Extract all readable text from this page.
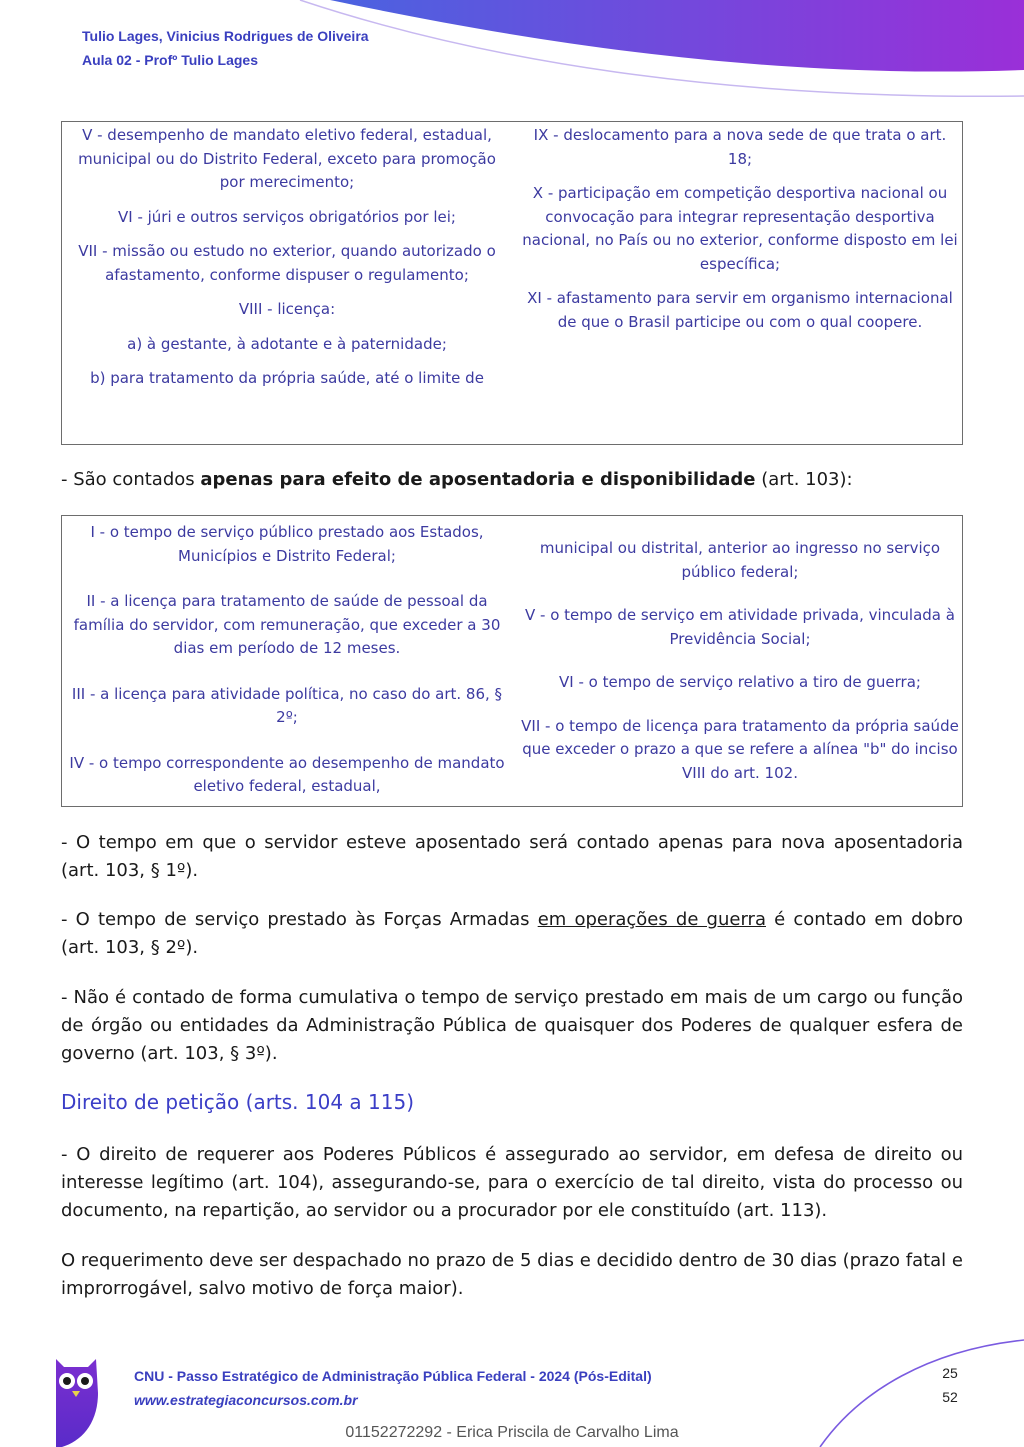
Tulio Lages, Vinicius Rodrigues de Oliveira
Aula 02 - Profº Tulio Lages

V - desempenho de mandato eletivo federal, estadual, municipal ou do Distrito Federal, exceto para promoção por merecimento;

VI - júri e outros serviços obrigatórios por lei;

VII - missão ou estudo no exterior, quando autorizado o afastamento, conforme dispuser o regulamento;

VIII - licença:

a) à gestante, à adotante e à paternidade;

b) para tratamento da própria saúde, até o limite de

IX - deslocamento para a nova sede de que trata o art. 18;

X - participação em competição desportiva nacional ou convocação para integrar representação desportiva nacional, no País ou no exterior, conforme disposto em lei específica;

XI - afastamento para servir em organismo internacional de que o Brasil participe ou com o qual coopere.

- São contados apenas para efeito de aposentadoria e disponibilidade (art. 103):

I - o tempo de serviço público prestado aos Estados, Municípios e Distrito Federal;

II - a licença para tratamento de saúde de pessoal da família do servidor, com remuneração, que exceder a 30 dias em período de 12 meses.

III - a licença para atividade política, no caso do art. 86, § 2º;

IV - o tempo correspondente ao desempenho de mandato eletivo federal, estadual,

municipal ou distrital, anterior ao ingresso no serviço público federal;

V - o tempo de serviço em atividade privada, vinculada à Previdência Social;

VI - o tempo de serviço relativo a tiro de guerra;

VII - o tempo de licença para tratamento da própria saúde que exceder o prazo a que se refere a alínea "b" do inciso VIII do art. 102.

- O tempo em que o servidor esteve aposentado será contado apenas para nova aposentadoria (art. 103, § 1º).
- O tempo de serviço prestado às Forças Armadas em operações de guerra é contado em dobro (art. 103, § 2º).
- Não é contado de forma cumulativa o tempo de serviço prestado em mais de um cargo ou função de órgão ou entidades da Administração Pública de quaisquer dos Poderes de qualquer esfera de governo (art. 103, § 3º).
Direito de petição (arts. 104 a 115)
- O direito de requerer aos Poderes Públicos é assegurado ao servidor, em defesa de direito ou interesse legítimo (art. 104), assegurando-se, para o exercício de tal direito, vista do processo ou documento, na repartição, ao servidor ou a procurador por ele constituído (art. 113).
O requerimento deve ser despachado no prazo de 5 dias e decidido dentro de 30 dias (prazo fatal e improrrogável, salvo motivo de força maior).
CNU - Passo Estratégico de Administração Pública Federal - 2024 (Pós-Edital)
www.estrategiaconcursos.com.br
25
52
01152272292 - Erica Priscila de Carvalho Lima
